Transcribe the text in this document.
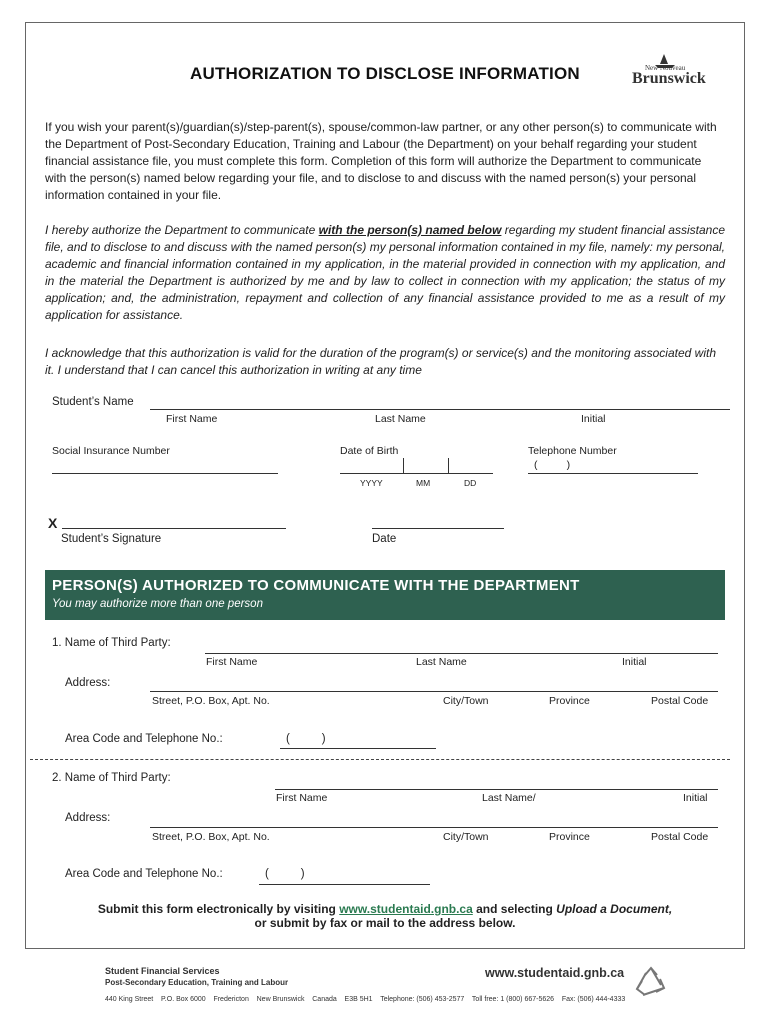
AUTHORIZATION TO DISCLOSE INFORMATION	New Nouveau
Brunswick

If you wish your parent(s)/guardian(s)/step-parent(s), spouse/common-law partner, or any other person(s) to communicate with the Department of Post-Secondary Education, Training and Labour (the Department) on your behalf regarding your student financial assistance file, you must complete this form. Completion of this form will authorize the Department to communicate with the person(s) named below regarding your file, and to disclose to and discuss with the named person(s) your personal information contained in your file.

I hereby authorize the Department to communicate with the person(s) named below regarding my student financial assistance file, and to disclose to and discuss with the named person(s) my personal information contained in my file, namely: my personal, academic and financial information contained in my application, in the material provided in connection with my application, and in the material the Department is authorized by me and by law to collect in connection with my application; the status of my application; and, the administration, repayment and collection of any financial assistance provided to me as a result of my application for assistance.

I acknowledge that this authorization is valid for the duration of the program(s) or service(s) and the monitoring associated with it. I understand that I can cancel this authorization in writing at any time

Student’s Name
First Name	Last Name	Initial
Social Insurance Number	Date of Birth
YYYY	MM	DD
Telephone Number
(          )
X
Student’s Signature	Date
PERSON(S) AUTHORIZED TO COMMUNICATE WITH THE DEPARTMENT
You may authorize more than one person
1. Name of Third Party:
First Name	Last Name	Initial
Address:
Street, P.O. Box, Apt. No.	City/Town	Province	Postal Code
Area Code and Telephone No.:	(          )
2. Name of Third Party:
First Name	Last Name/	Initial
Address:
Street, P.O. Box, Apt. No.	City/Town	Province	Postal Code
Area Code and Telephone No.:	(          )
Submit this form electronically by visiting www.studentaid.gnb.ca and selecting Upload a Document,
or submit by fax or mail to the address below.
Student Financial Services
Post-Secondary Education, Training and Labour
440 King Street    P.O. Box 6000    Fredericton    New Brunswick    Canada    E3B 5H1    Telephone: (506) 453-2577    Toll free: 1 (800) 667-5626    Fax: (506) 444-4333
www.studentaid.gnb.ca
